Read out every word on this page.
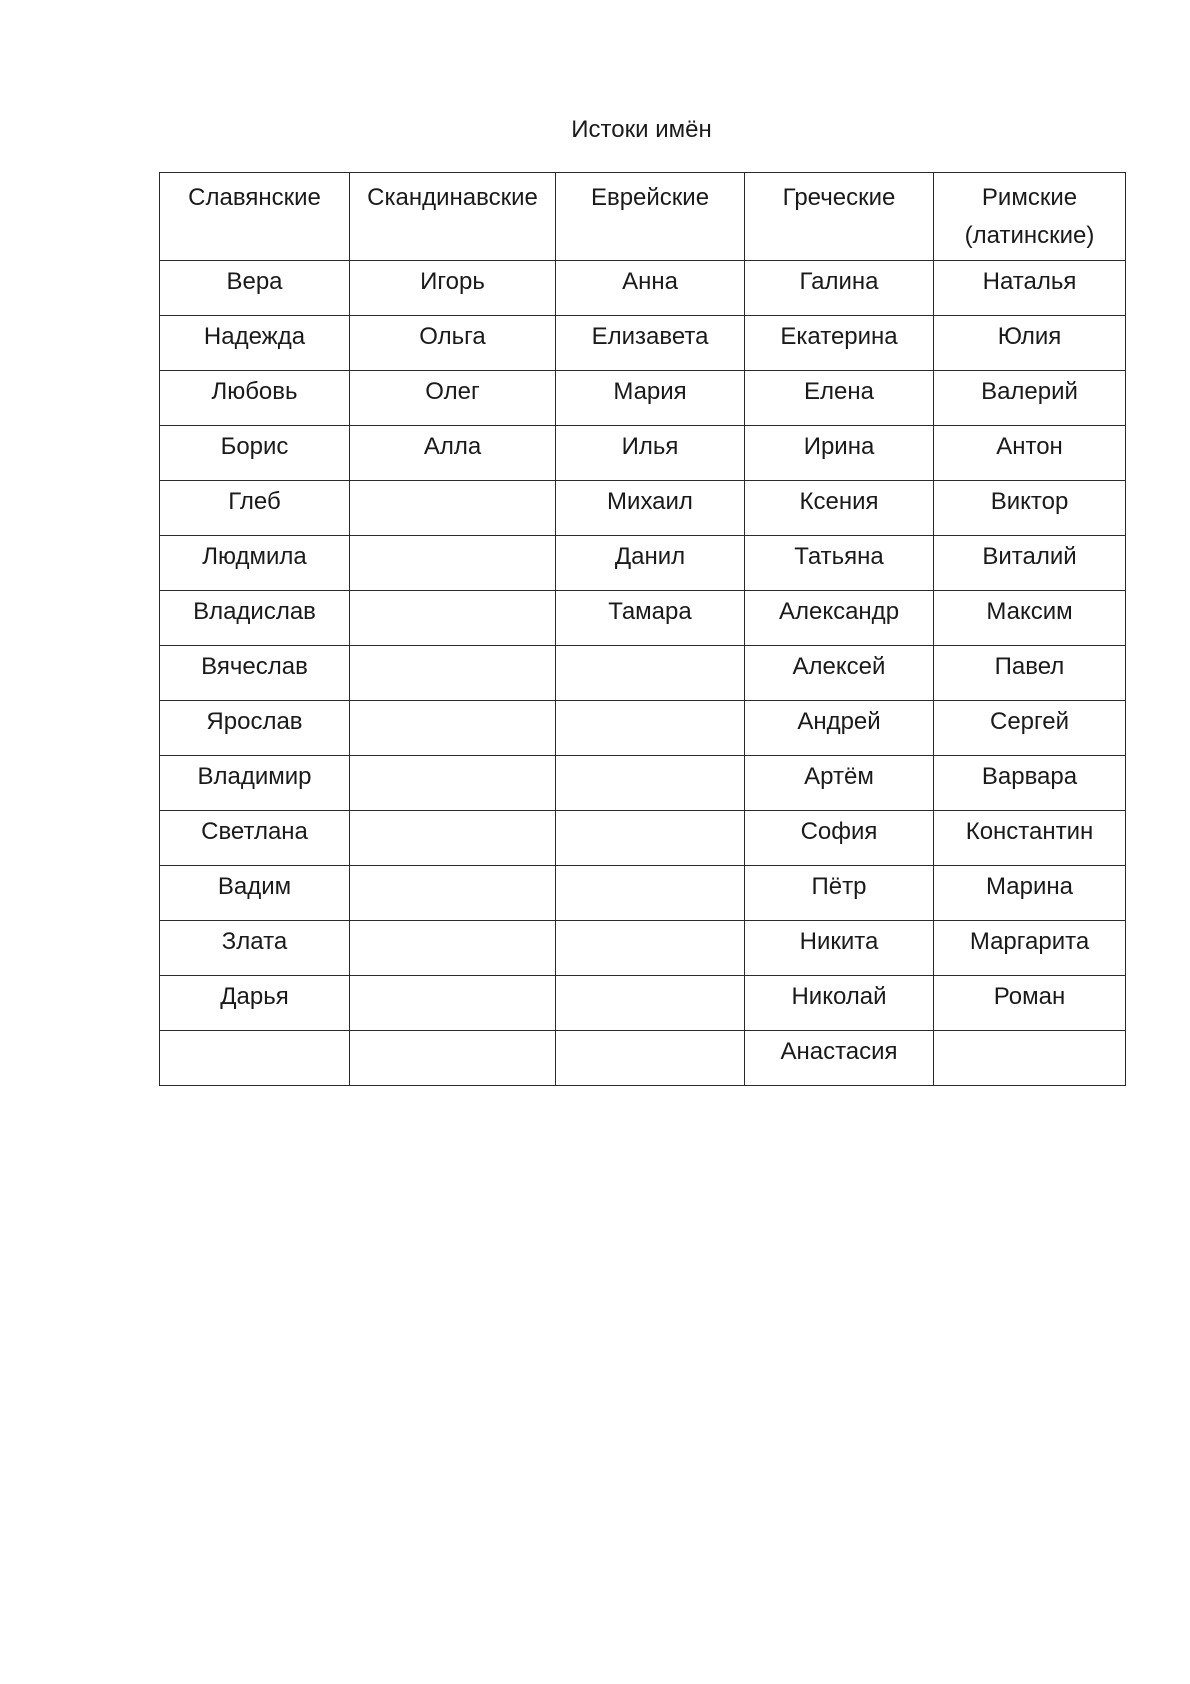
Истоки имён
Славянские	Скандинавские	Еврейские	Греческие	Римские (латинские)
Вера	Игорь	Анна	Галина	Наталья
Надежда	Ольга	Елизавета	Екатерина	Юлия
Любовь	Олег	Мария	Елена	Валерий
Борис	Алла	Илья	Ирина	Антон
Глеб		Михаил	Ксения	Виктор
Людмила		Данил	Татьяна	Виталий
Владислав		Тамара	Александр	Максим
Вячеслав			Алексей	Павел
Ярослав			Андрей	Сергей
Владимир			Артём	Варвара
Светлана			София	Константин
Вадим			Пётр	Марина
Злата			Никита	Маргарита
Дарья			Николай	Роман
			Анастасия	
